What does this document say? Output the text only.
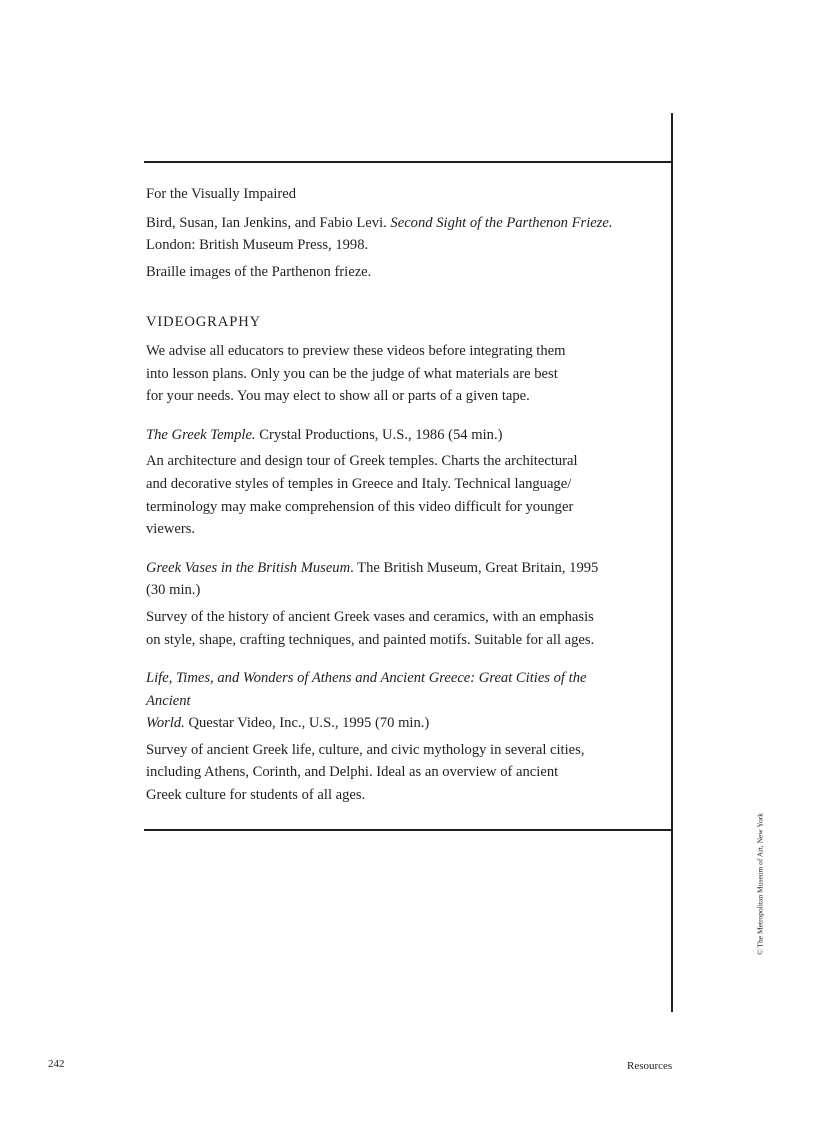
For the Visually Impaired

Bird, Susan, Ian Jenkins, and Fabio Levi. Second Sight of the Parthenon Frieze.
London: British Museum Press, 1998.

Braille images of the Parthenon frieze.

VIDEOGRAPHY

We advise all educators to preview these videos before integrating them
into lesson plans. Only you can be the judge of what materials are best
for your needs. You may elect to show all or parts of a given tape.

The Greek Temple. Crystal Productions, U.S., 1986 (54 min.)

An architecture and design tour of Greek temples. Charts the architectural
and decorative styles of temples in Greece and Italy. Technical language/
terminology may make comprehension of this video difficult for younger
viewers.

Greek Vases in the British Museum. The British Museum, Great Britain, 1995
(30 min.)

Survey of the history of ancient Greek vases and ceramics, with an emphasis
on style, shape, crafting techniques, and painted motifs. Suitable for all ages.

Life, Times, and Wonders of Athens and Ancient Greece: Great Cities of the Ancient
World. Questar Video, Inc., U.S., 1995 (70 min.)

Survey of ancient Greek life, culture, and civic mythology in several cities,
including Athens, Corinth, and Delphi. Ideal as an overview of ancient
Greek culture for students of all ages.

© The Metropolitan Museum of Art, New York
242	Resources
